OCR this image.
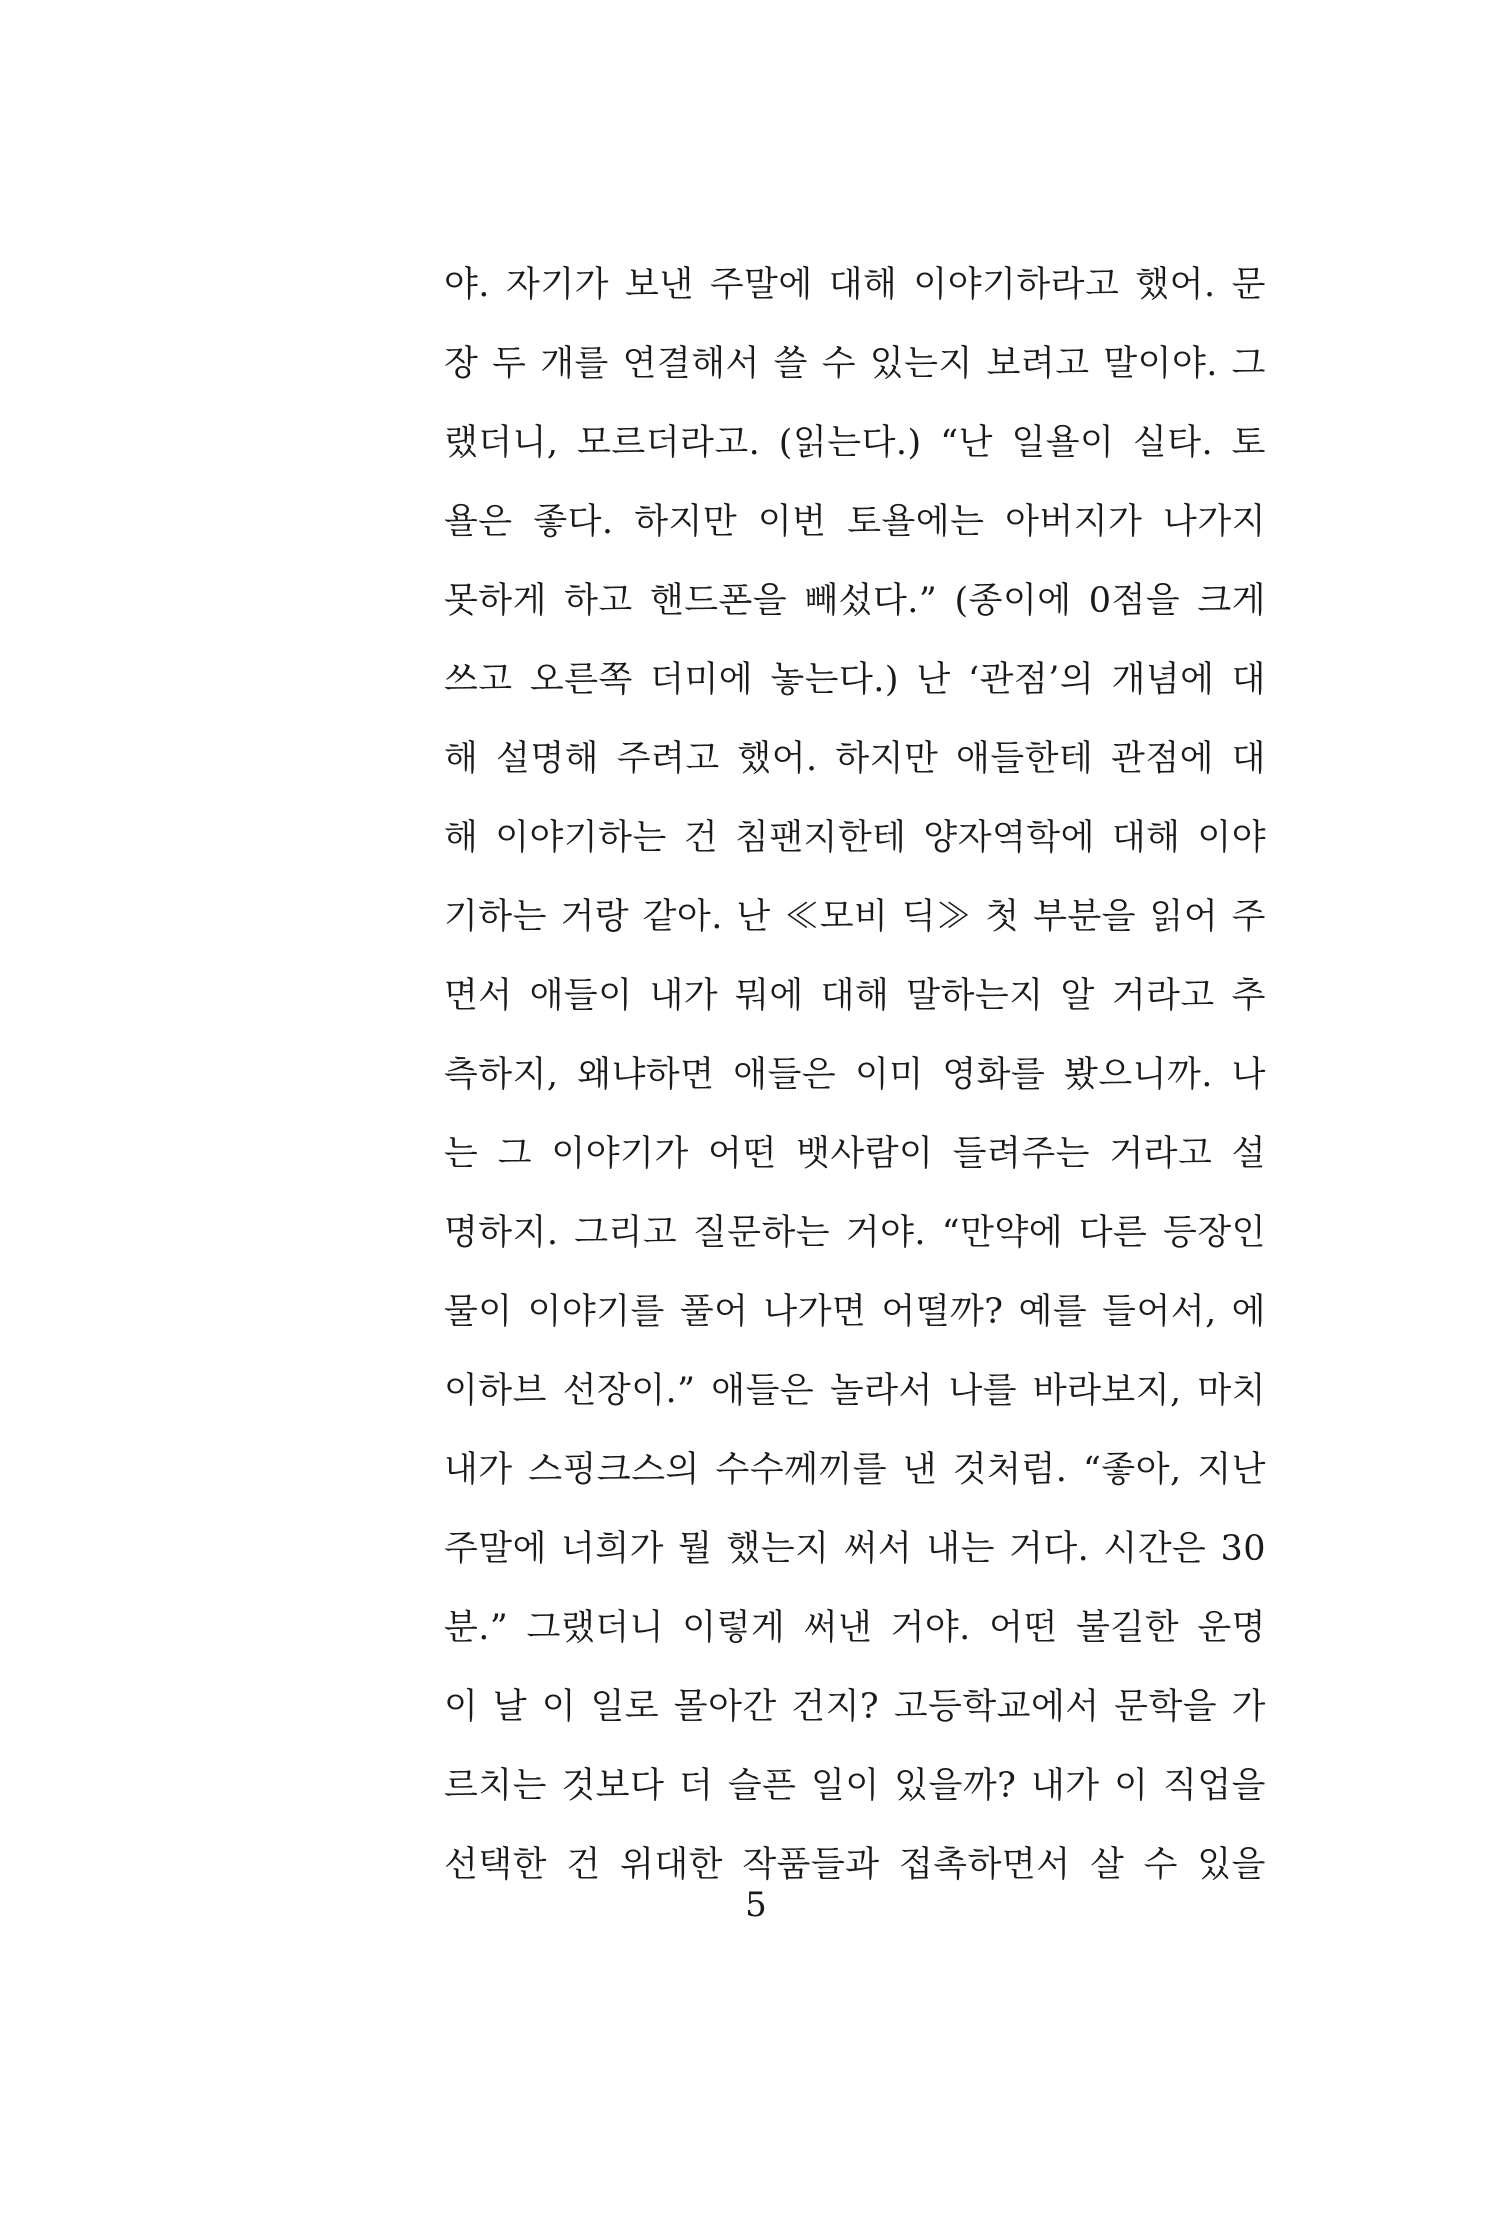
야. 자기가 보낸 주말에 대해 이야기하라고 했어. 문
장 두 개를 연결해서 쓸 수 있는지 보려고 말이야. 그
랬더니, 모르더라고. (읽는다.) “난 일욜이 실타. 토
욜은 좋다. 하지만 이번 토욜에는 아버지가 나가지
못하게 하고 핸드폰을 빼섰다.” (종이에 0점을 크게
쓰고 오른쪽 더미에 놓는다.) 난 ‘관점’의 개념에 대
해 설명해 주려고 했어. 하지만 애들한테 관점에 대
해 이야기하는 건 침팬지한테 양자역학에 대해 이야
기하는 거랑 같아. 난 ≪모비 딕≫ 첫 부분을 읽어 주
면서 애들이 내가 뭐에 대해 말하는지 알 거라고 추
측하지, 왜냐하면 애들은 이미 영화를 봤으니까. 나
는 그 이야기가 어떤 뱃사람이 들려주는 거라고 설
명하지. 그리고 질문하는 거야. “만약에 다른 등장인
물이 이야기를 풀어 나가면 어떨까? 예를 들어서, 에
이하브 선장이.” 애들은 놀라서 나를 바라보지, 마치
내가 스핑크스의 수수께끼를 낸 것처럼. “좋아, 지난
주말에 너희가 뭘 했는지 써서 내는 거다. 시간은 30
분.” 그랬더니 이렇게 써낸 거야. 어떤 불길한 운명
이 날 이 일로 몰아간 건지? 고등학교에서 문학을 가
르치는 것보다 더 슬픈 일이 있을까? 내가 이 직업을
선택한 건 위대한 작품들과 접촉하면서 살 수 있을
5
